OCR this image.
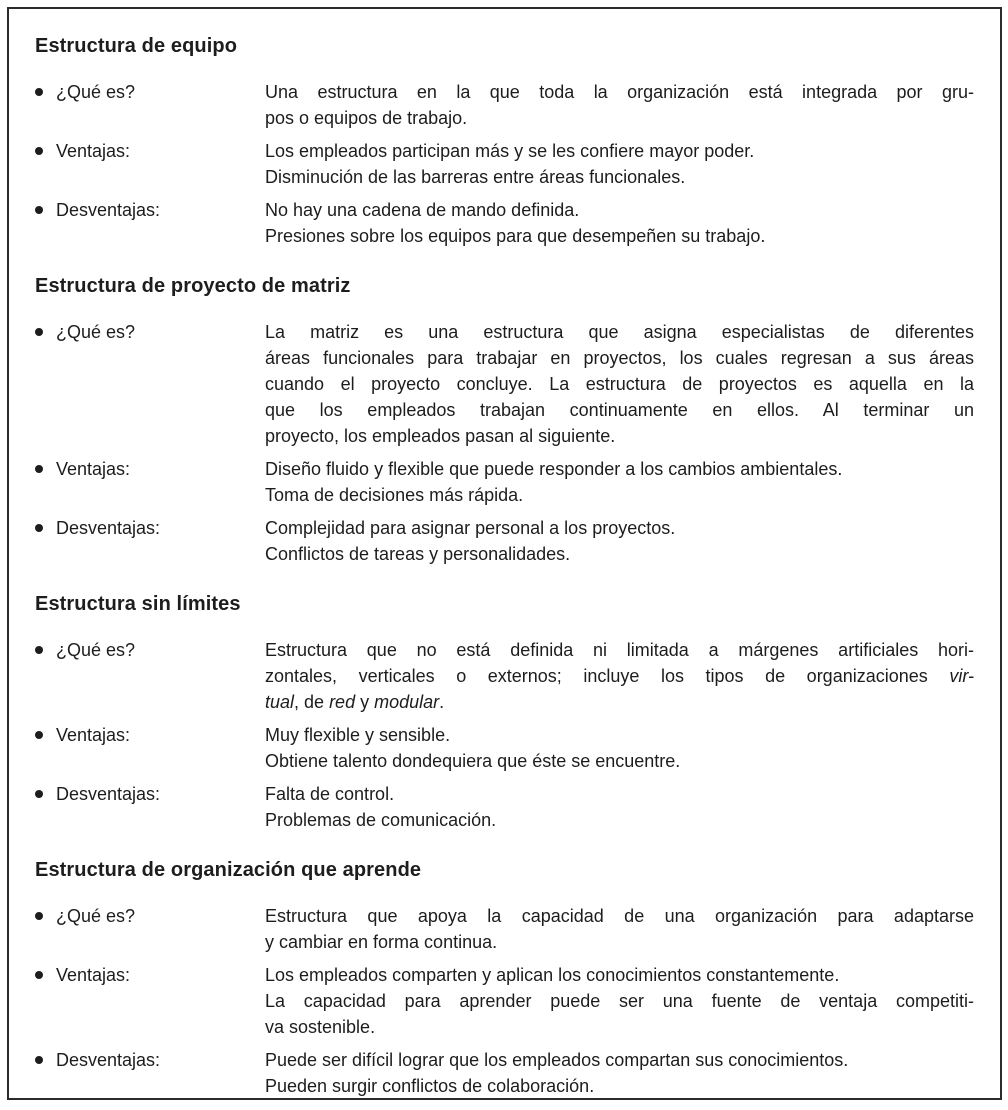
Estructura de equipo
¿Qué es?	Una estructura en la que toda la organización está integrada por gru-
pos o equipos de trabajo.
Ventajas:	Los empleados participan más y se les confiere mayor poder.
Disminución de las barreras entre áreas funcionales.
Desventajas:	No hay una cadena de mando definida.
Presiones sobre los equipos para que desempeñen su trabajo.
Estructura de proyecto de matriz
¿Qué es?	La matriz es una estructura que asigna especialistas de diferentes
áreas funcionales para trabajar en proyectos, los cuales regresan a sus áreas
cuando el proyecto concluye. La estructura de proyectos es aquella en la
que los empleados trabajan continuamente en ellos. Al terminar un
proyecto, los empleados pasan al siguiente.
Ventajas:	Diseño fluido y flexible que puede responder a los cambios ambientales.
Toma de decisiones más rápida.
Desventajas:	Complejidad para asignar personal a los proyectos.
Conflictos de tareas y personalidades.
Estructura sin límites
¿Qué es?	Estructura que no está definida ni limitada a márgenes artificiales hori-
zontales, verticales o externos; incluye los tipos de organizaciones vir-
tual, de red y modular.
Ventajas:	Muy flexible y sensible.
Obtiene talento dondequiera que éste se encuentre.
Desventajas:	Falta de control.
Problemas de comunicación.
Estructura de organización que aprende
¿Qué es?	Estructura que apoya la capacidad de una organización para adaptarse
y cambiar en forma continua.
Ventajas:	Los empleados comparten y aplican los conocimientos constantemente.
La capacidad para aprender puede ser una fuente de ventaja competiti-
va sostenible.
Desventajas:	Puede ser difícil lograr que los empleados compartan sus conocimientos.
Pueden surgir conflictos de colaboración.
